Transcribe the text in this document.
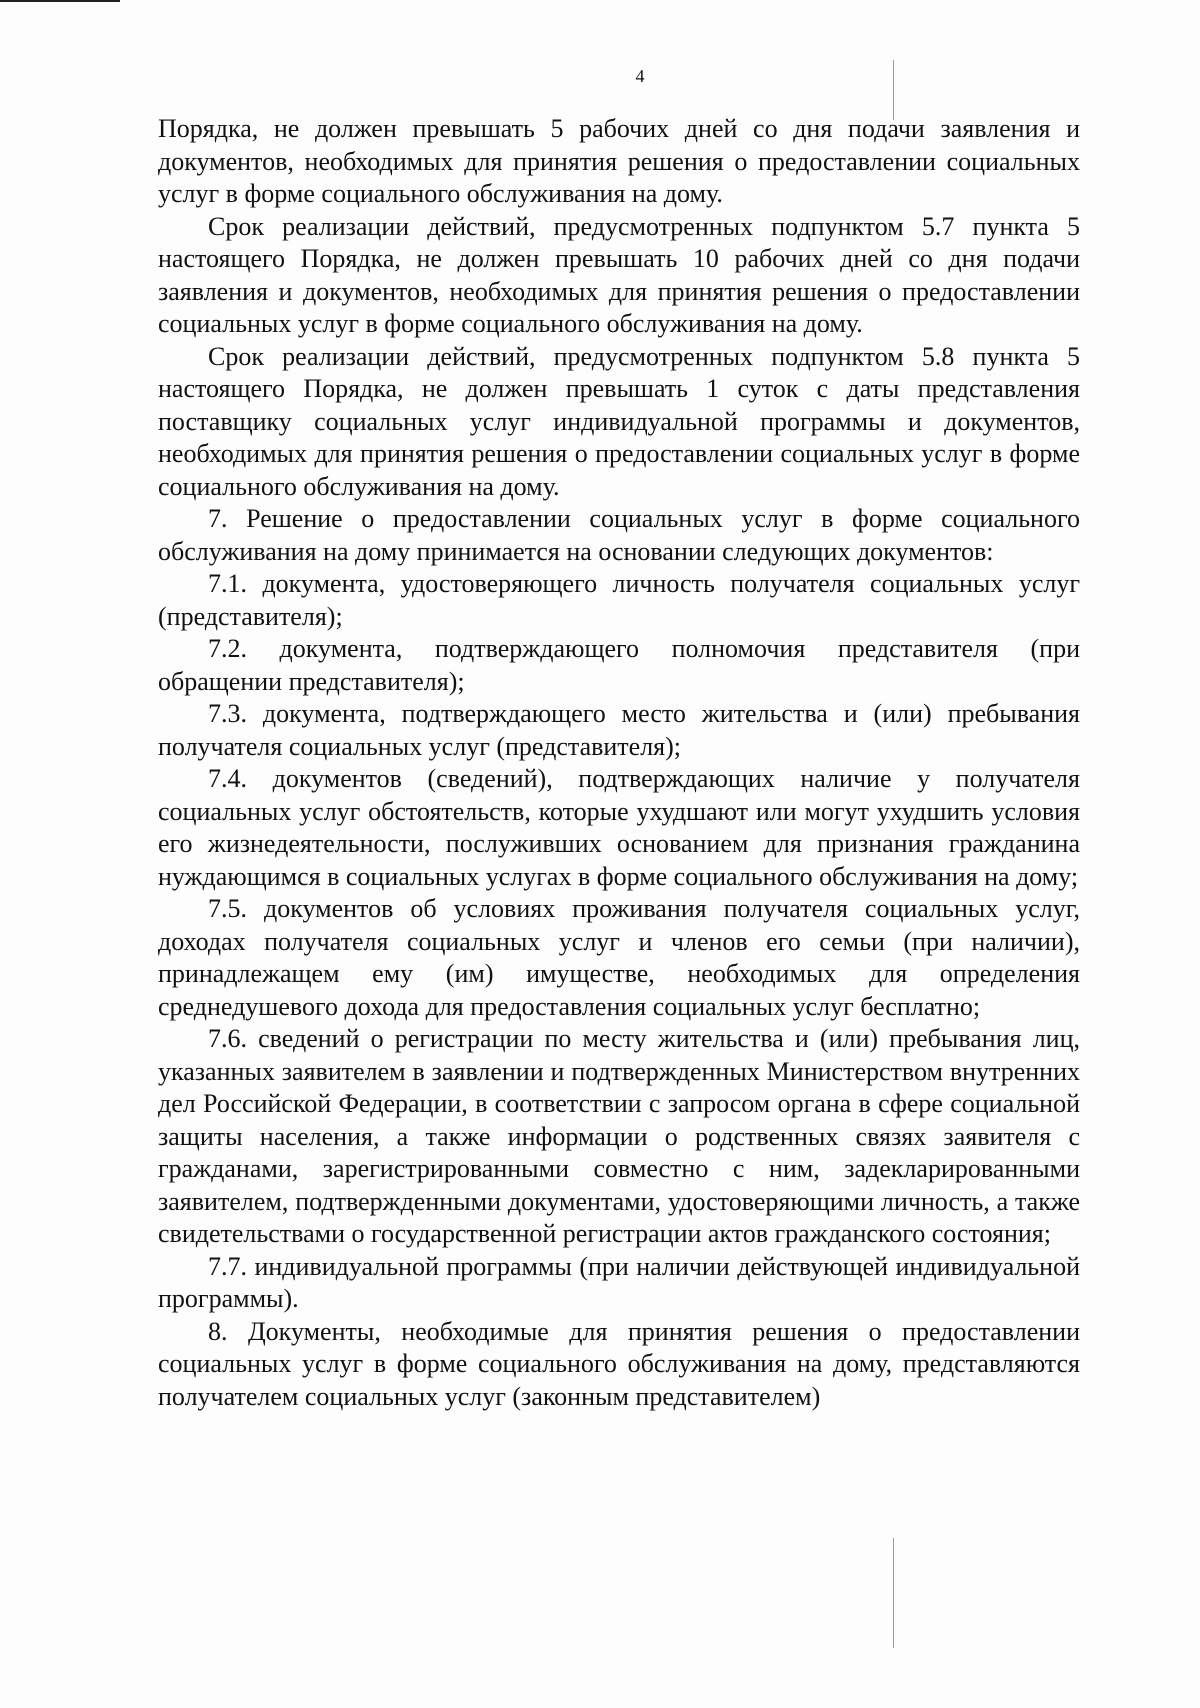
4

Порядка, не должен превышать 5 рабочих дней со дня подачи заявления и документов, необходимых для принятия решения о предоставлении социальных услуг в форме социального обслуживания на дому.

Срок реализации действий, предусмотренных подпунктом 5.7 пункта 5 настоящего Порядка, не должен превышать 10 рабочих дней со дня подачи заявления и документов, необходимых для принятия решения о предоставлении социальных услуг в форме социального обслуживания на дому.

Срок реализации действий, предусмотренных подпунктом 5.8 пункта 5 настоящего Порядка, не должен превышать 1 суток с даты представления поставщику социальных услуг индивидуальной программы и документов, необходимых для принятия решения о предоставлении социальных услуг в форме социального обслуживания на дому.

7. Решение о предоставлении социальных услуг в форме социального обслуживания на дому принимается на основании следующих документов:

7.1. документа, удостоверяющего личность получателя социальных услуг (представителя);

7.2. документа, подтверждающего полномочия представителя (при обращении представителя);

7.3. документа, подтверждающего место жительства и (или) пребывания получателя социальных услуг (представителя);

7.4. документов (сведений), подтверждающих наличие у получателя социальных услуг обстоятельств, которые ухудшают или могут ухудшить условия его жизнедеятельности, послуживших основанием для признания гражданина нуждающимся в социальных услугах в форме социального обслуживания на дому;

7.5. документов об условиях проживания получателя социальных услуг, доходах получателя социальных услуг и членов его семьи (при наличии), принадлежащем ему (им) имуществе, необходимых для определения среднедушевого дохода для предоставления социальных услуг бесплатно;

7.6. сведений о регистрации по месту жительства и (или) пребывания лиц, указанных заявителем в заявлении и подтвержденных Министерством внутренних дел Российской Федерации, в соответствии с запросом органа в сфере социальной защиты населения, а также информации о родственных связях заявителя с гражданами, зарегистрированными совместно с ним, задекларированными заявителем, подтвержденными документами, удостоверяющими личность, а также свидетельствами о государственной регистрации актов гражданского состояния;

7.7. индивидуальной программы (при наличии действующей индивидуальной программы).

8. Документы, необходимые для принятия решения о предоставлении социальных услуг в форме социального обслуживания на дому, представляются получателем социальных услуг (законным представителем)
